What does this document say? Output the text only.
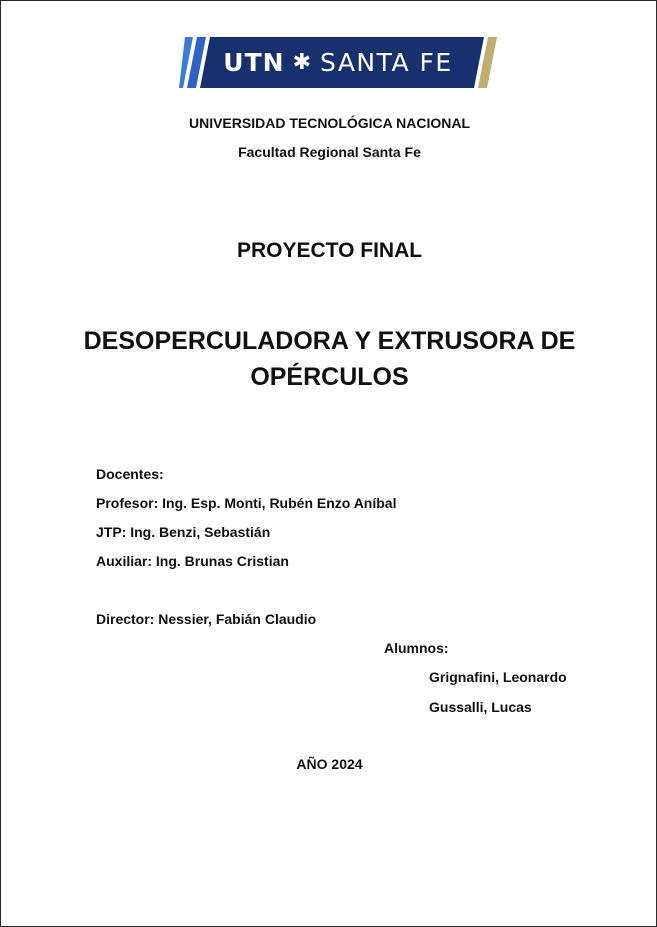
UTN ✱ SANTA FE
UNIVERSIDAD TECNOLÓGICA NACIONAL
Facultad Regional Santa Fe
PROYECTO FINAL
DESOPERCULADORA Y EXTRUSORA DE
OPÉRCULOS
Docentes:
Profesor: Ing. Esp. Monti, Rubén Enzo Aníbal
JTP: Ing. Benzi, Sebastián
Auxiliar: Ing. Brunas Cristian
Director: Nessier, Fabián Claudio
Alumnos:
Grignafini, Leonardo
Gussalli, Lucas
AÑO 2024
